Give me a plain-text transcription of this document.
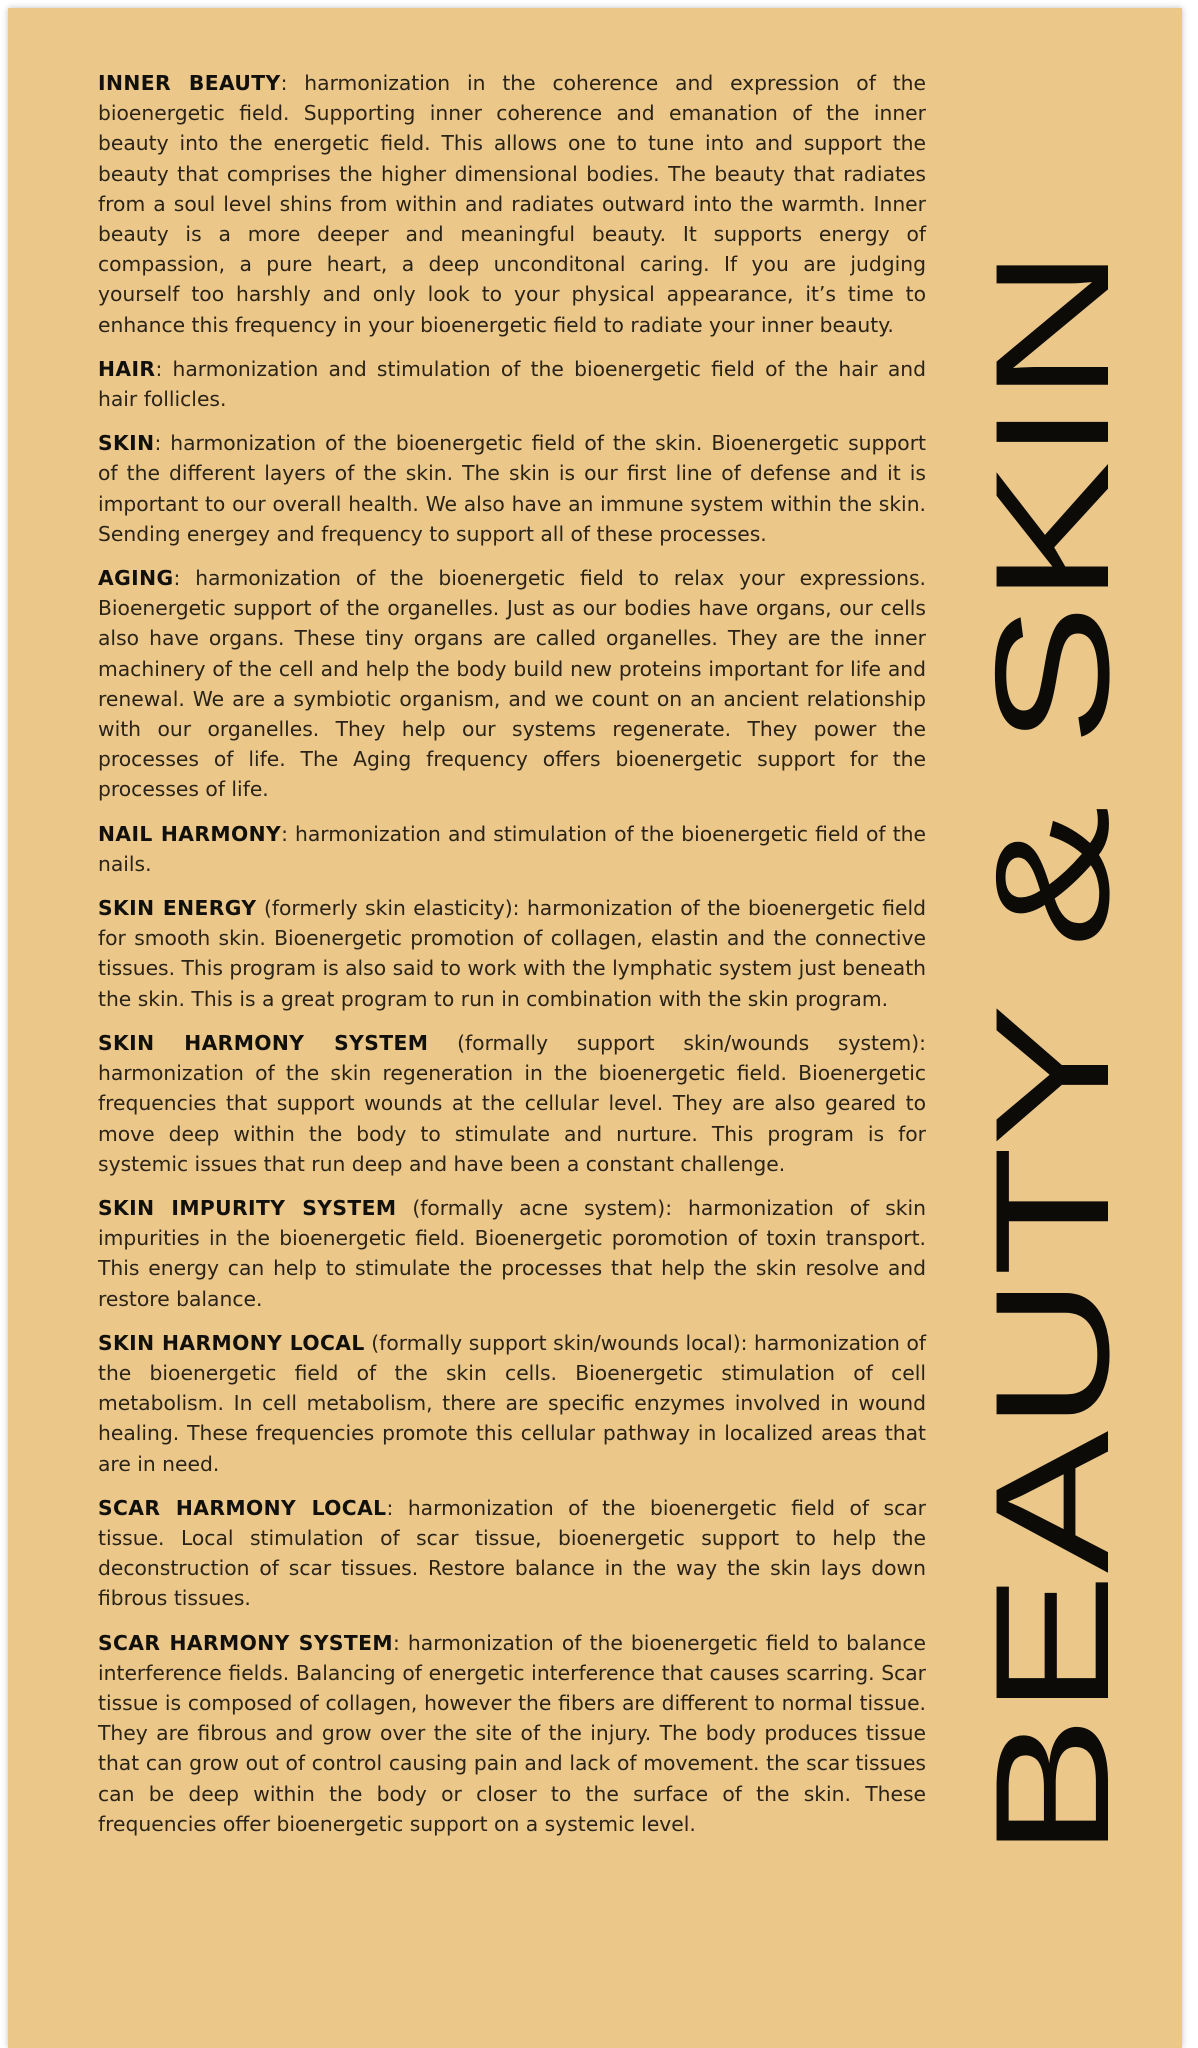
INNER BEAUTY: harmonization in the coherence and expression of the bioenergetic field. Supporting inner coherence and emanation of the inner beauty into the energetic field. This allows one to tune into and support the beauty that comprises the higher dimensional bodies. The beauty that radiates from a soul level shins from within and radiates outward into the warmth. Inner beauty is a more deeper and meaningful beauty. It supports energy of compassion, a pure heart, a deep unconditonal caring. If you are judging yourself too harshly and only look to your physical appearance, it’s time to enhance this frequency in your bioenergetic field to radiate your inner beauty.

HAIR: harmonization and stimulation of the bioenergetic field of the hair and hair follicles.

SKIN: harmonization of the bioenergetic field of the skin. Bioenergetic support of the different layers of the skin. The skin is our first line of defense and it is important to our overall health. We also have an immune system within the skin. Sending energey and frequency to support all of these processes.

AGING: harmonization of the bioenergetic field to relax your expressions. Bioenergetic support of the organelles. Just as our bodies have organs, our cells also have organs. These tiny organs are called organelles. They are the inner machinery of the cell and help the body build new proteins important for life and renewal. We are a symbiotic organism, and we count on an ancient relationship with our organelles. They help our systems regenerate. They power the processes of life. The Aging frequency offers bioenergetic support for the processes of life.

NAIL HARMONY: harmonization and stimulation of the bioenergetic field of the nails.

SKIN ENERGY (formerly skin elasticity): harmonization of the bioenergetic field for smooth skin. Bioenergetic promotion of collagen, elastin and the connective tissues. This program is also said to work with the lymphatic system just beneath the skin. This is a great program to run in combination with the skin program.

SKIN HARMONY SYSTEM (formally support skin/wounds system): harmonization of the skin regeneration in the bioenergetic field. Bioenergetic frequencies that support wounds at the cellular level. They are also geared to move deep within the body to stimulate and nurture. This program is for systemic issues that run deep and have been a constant challenge.

SKIN IMPURITY SYSTEM (formally acne system): harmonization of skin impurities in the bioenergetic field. Bioenergetic poromotion of toxin transport. This energy can help to stimulate the processes that help the skin resolve and restore balance.

SKIN HARMONY LOCAL (formally support skin/wounds local): harmonization of the bioenergetic field of the skin cells. Bioenergetic stimulation of cell metabolism. In cell metabolism, there are specific enzymes involved in wound healing. These frequencies promote this cellular pathway in localized areas that are in need.

SCAR HARMONY LOCAL: harmonization of the bioenergetic field of scar tissue. Local stimulation of scar tissue, bioenergetic support to help the deconstruction of scar tissues. Restore balance in the way the skin lays down fibrous tissues.

SCAR HARMONY SYSTEM: harmonization of the bioenergetic field to balance interference fields. Balancing of energetic interference that causes scarring. Scar tissue is composed of collagen, however the fibers are different to normal tissue. They are fibrous and grow over the site of the injury. The body produces tissue that can grow out of control causing pain and lack of movement. the scar tissues can be deep within the body or closer to the surface of the skin. These frequencies offer bioenergetic support on a systemic level.	BEAUTY & SKIN
